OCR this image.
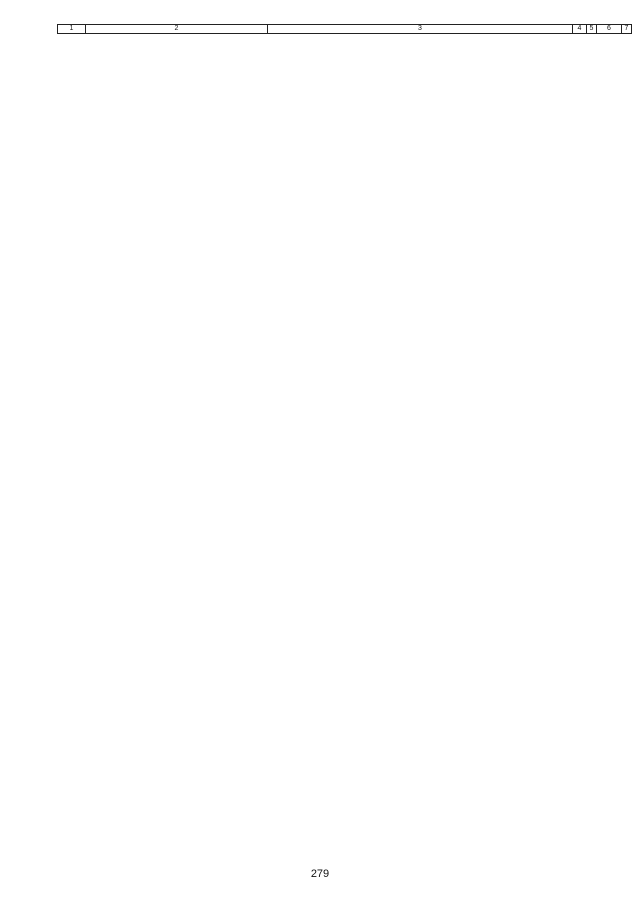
1	2	3	4	5	6	7
279
